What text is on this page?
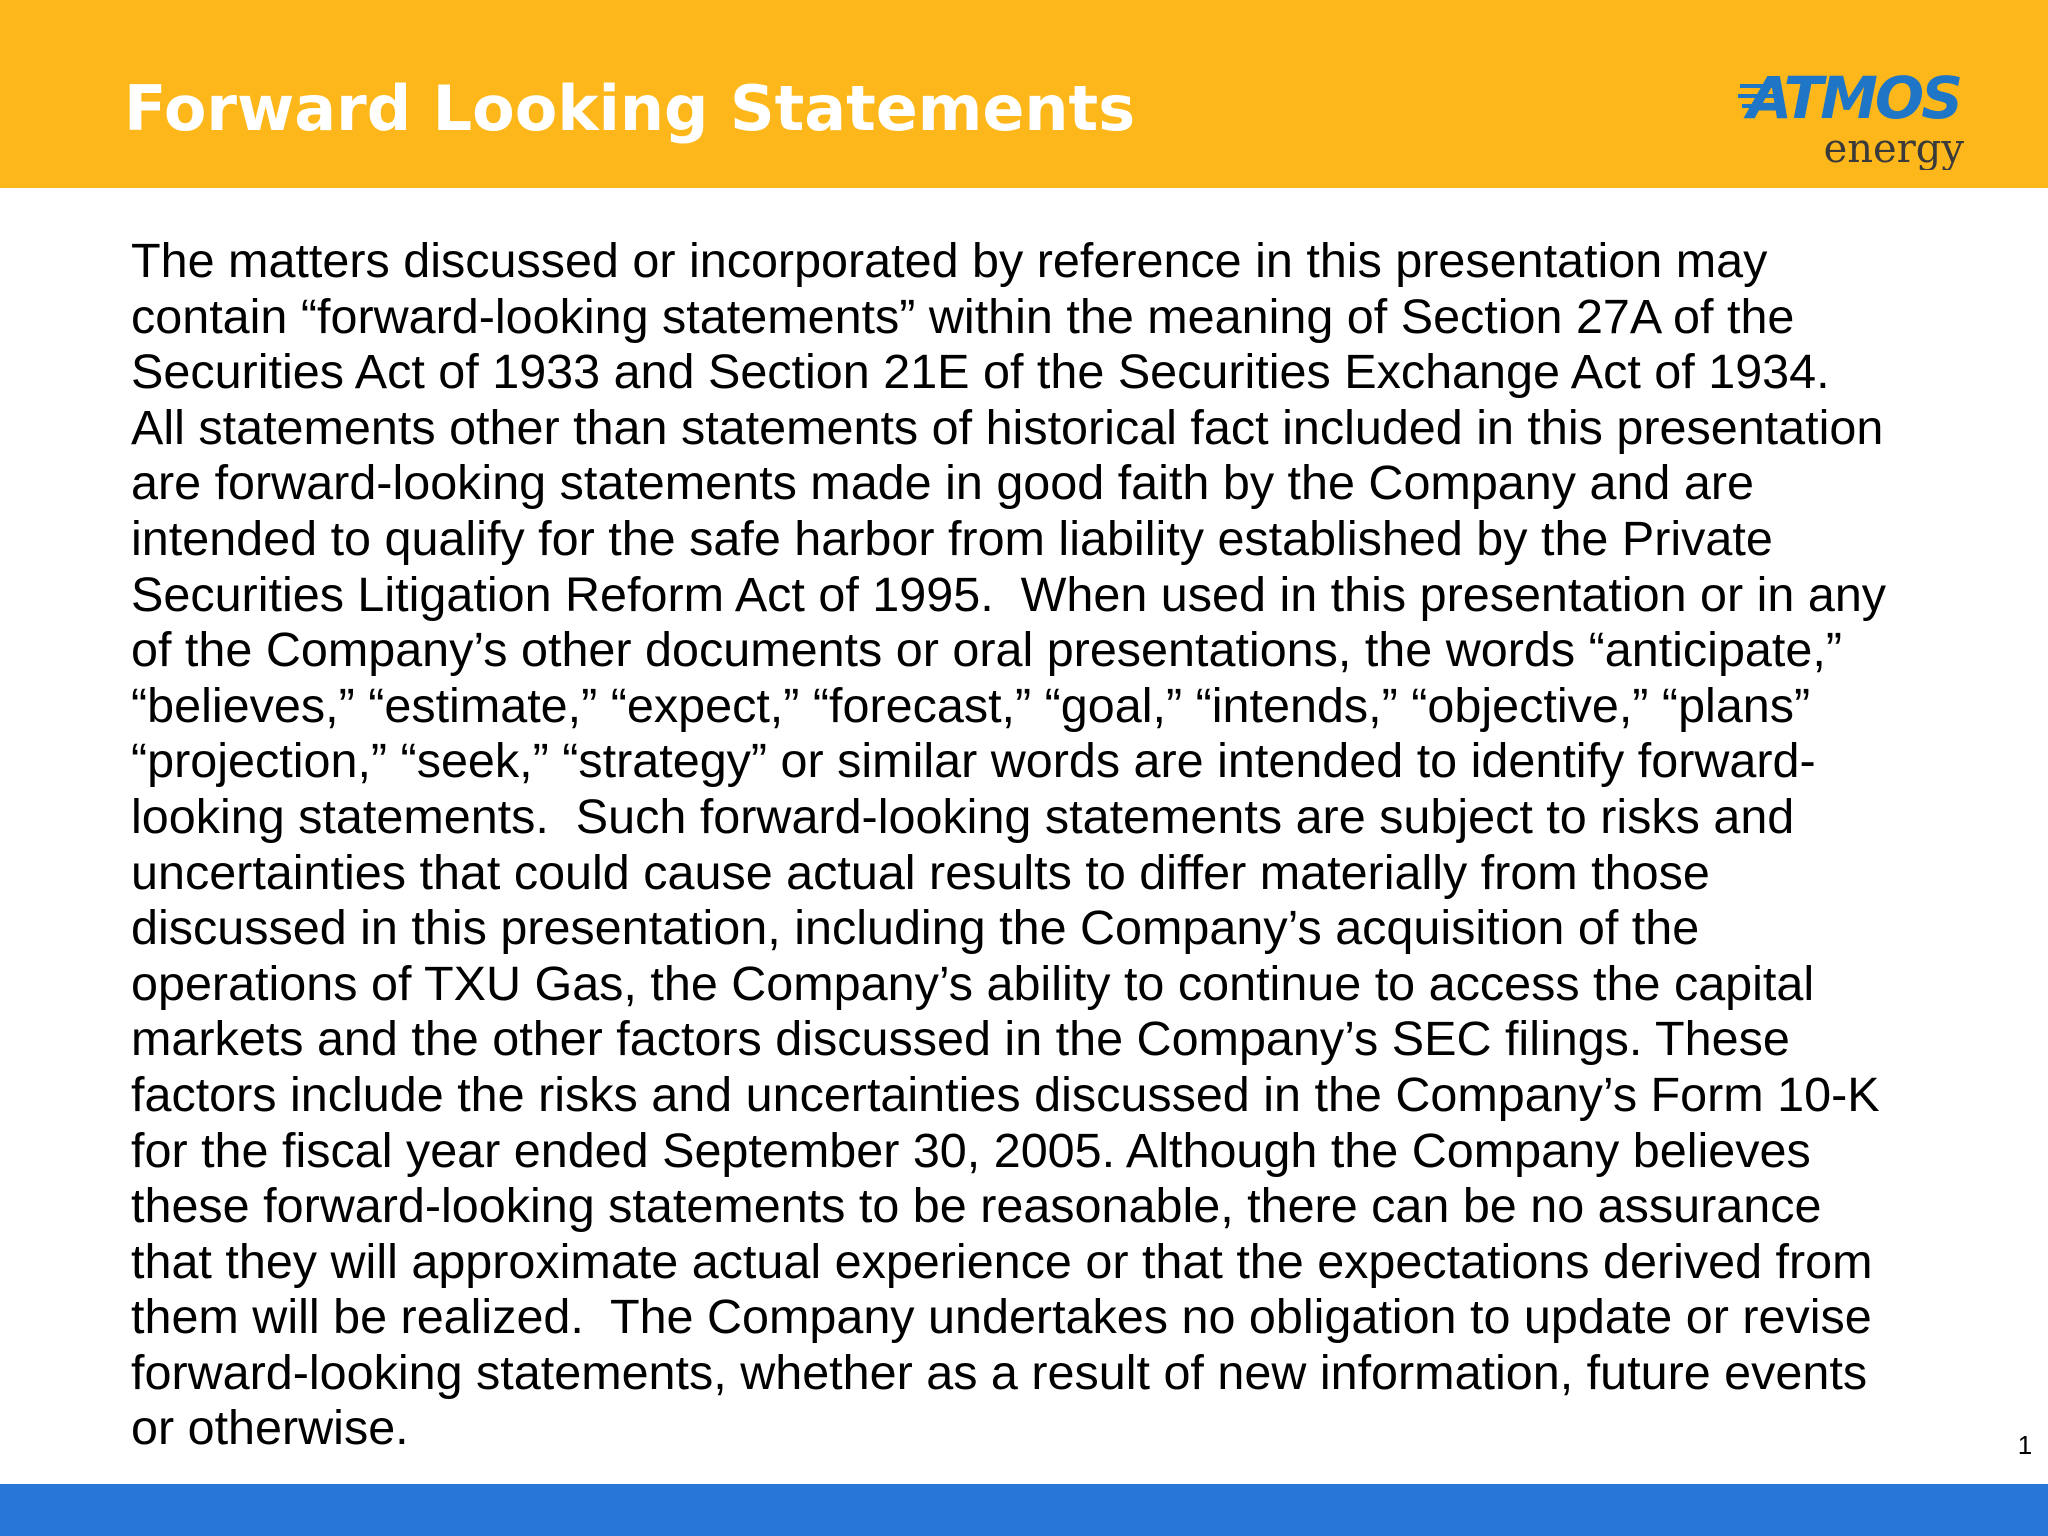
Forward Looking Statements	ATMOS
energy
The matters discussed or incorporated by reference in this presentation may
contain “forward-looking statements” within the meaning of Section 27A of the
Securities Act of 1933 and Section 21E of the Securities Exchange Act of 1934.
All statements other than statements of historical fact included in this presentation
are forward-looking statements made in good faith by the Company and are
intended to qualify for the safe harbor from liability established by the Private
Securities Litigation Reform Act of 1995.  When used in this presentation or in any
of the Company’s other documents or oral presentations, the words “anticipate,”
“believes,” “estimate,” “expect,” “forecast,” “goal,” “intends,” “objective,” “plans”
“projection,” “seek,” “strategy” or similar words are intended to identify forward-
looking statements.  Such forward-looking statements are subject to risks and
uncertainties that could cause actual results to differ materially from those
discussed in this presentation, including the Company’s acquisition of the
operations of TXU Gas, the Company’s ability to continue to access the capital
markets and the other factors discussed in the Company’s SEC filings. These
factors include the risks and uncertainties discussed in the Company’s Form 10-K
for the fiscal year ended September 30, 2005. Although the Company believes
these forward-looking statements to be reasonable, there can be no assurance
that they will approximate actual experience or that the expectations derived from
them will be realized.  The Company undertakes no obligation to update or revise
forward-looking statements, whether as a result of new information, future events
or otherwise.	1
